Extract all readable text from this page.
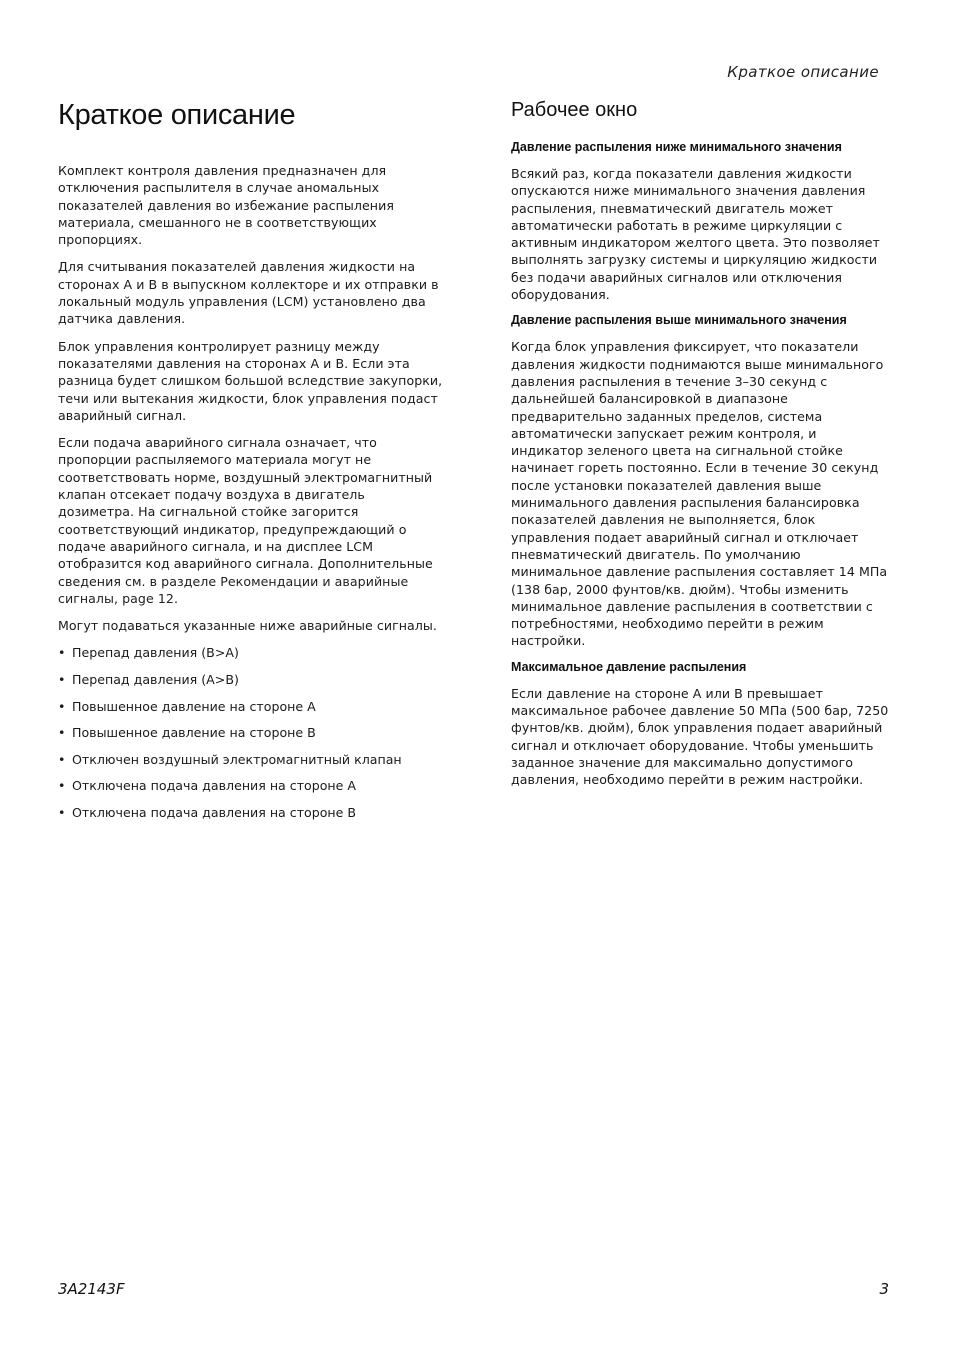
Краткое описание
Краткое описание

Комплект контроля давления предназначен для отключения распылителя в случае аномальных показателей давления во избежание распыления материала, смешанного не в соответствующих пропорциях.

Для считывания показателей давления жидкости на сторонах A и B в выпускном коллекторе и их отправки в локальный модуль управления (LCM) установлено два датчика давления.

Блок управления контролирует разницу между показателями давления на сторонах A и B. Если эта разница будет слишком большой вследствие закупорки, течи или вытекания жидкости, блок управления подаст аварийный сигнал.

Если подача аварийного сигнала означает, что пропорции распыляемого материала могут не соответствовать норме, воздушный электромагнитный клапан отсекает подачу воздуха в двигатель дозиметра. На сигнальной стойке загорится соответствующий индикатор, предупреждающий о подаче аварийного сигнала, и на дисплее LCM отобразится код аварийного сигнала. Дополнительные сведения см. в разделе Рекомендации и аварийные сигналы, page 12.

Могут подаваться указанные ниже аварийные сигналы.

• Перепад давления (B>A)
• Перепад давления (A>B)
• Повышенное давление на стороне A
• Повышенное давление на стороне B
• Отключен воздушный электромагнитный клапан
• Отключена подача давления на стороне A
• Отключена подача давления на стороне B
Рабочее окно
Давление распыления ниже минимального значения

Всякий раз, когда показатели давления жидкости опускаются ниже минимального значения давления распыления, пневматический двигатель может автоматически работать в режиме циркуляции с активным индикатором желтого цвета. Это позволяет выполнять загрузку системы и циркуляцию жидкости без подачи аварийных сигналов или отключения оборудования.

Давление распыления выше минимального значения

Когда блок управления фиксирует, что показатели давления жидкости поднимаются выше минимального давления распыления в течение 3–30 секунд с дальнейшей балансировкой в диапазоне предварительно заданных пределов, система автоматически запускает режим контроля, и индикатор зеленого цвета на сигнальной стойке начинает гореть постоянно. Если в течение 30 секунд после установки показателей давления выше минимального давления распыления балансировка показателей давления не выполняется, блок управления подает аварийный сигнал и отключает пневматический двигатель. По умолчанию минимальное давление распыления составляет 14 МПа (138 бар, 2000 фунтов/кв. дюйм). Чтобы изменить минимальное давление распыления в соответствии с потребностями, необходимо перейти в режим настройки.

Максимальное давление распыления

Если давление на стороне A или B превышает максимальное рабочее давление 50 МПа (500 бар, 7250 фунтов/кв. дюйм), блок управления подает аварийный сигнал и отключает оборудование. Чтобы уменьшить заданное значение для максимально допустимого давления, необходимо перейти в режим настройки.

3A2143F	3
